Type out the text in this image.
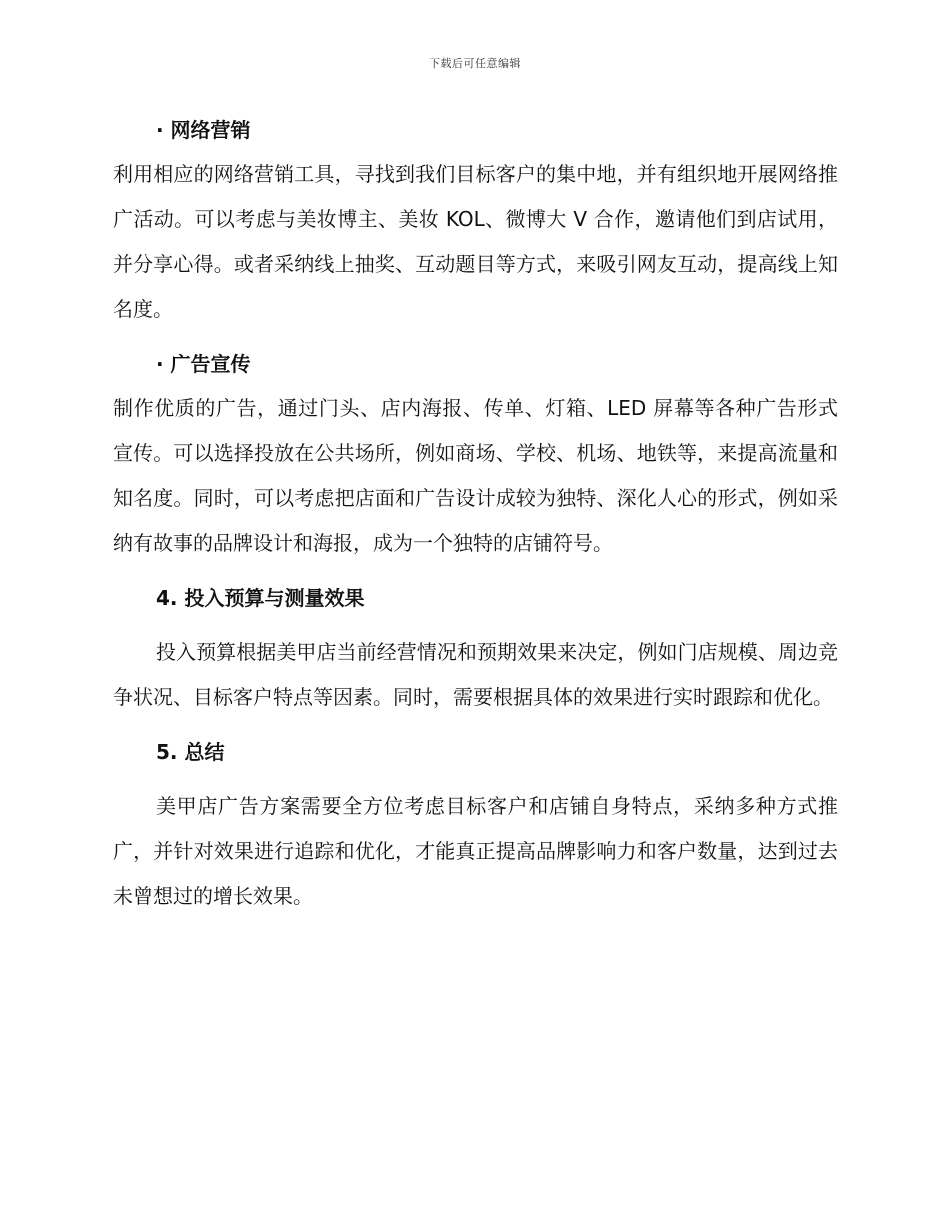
下载后可任意编辑
· 网络营销

利用相应的网络营销工具，寻找到我们目标客户的集中地，并有组织地开展网络推广活动。可以考虑与美妆博主、美妆 KOL、微博大 V 合作，邀请他们到店试用，并分享心得。或者采纳线上抽奖、互动题目等方式，来吸引网友互动，提高线上知名度。

· 广告宣传

制作优质的广告，通过门头、店内海报、传单、灯箱、LED 屏幕等各种广告形式宣传。可以选择投放在公共场所，例如商场、学校、机场、地铁等，来提高流量和知名度。同时，可以考虑把店面和广告设计成较为独特、深化人心的形式，例如采纳有故事的品牌设计和海报，成为一个独特的店铺符号。

4. 投入预算与测量效果

投入预算根据美甲店当前经营情况和预期效果来决定，例如门店规模、周边竞争状况、目标客户特点等因素。同时，需要根据具体的效果进行实时跟踪和优化。

5. 总结

美甲店广告方案需要全方位考虑目标客户和店铺自身特点，采纳多种方式推广，并针对效果进行追踪和优化，才能真正提高品牌影响力和客户数量，达到过去未曾想过的增长效果。
